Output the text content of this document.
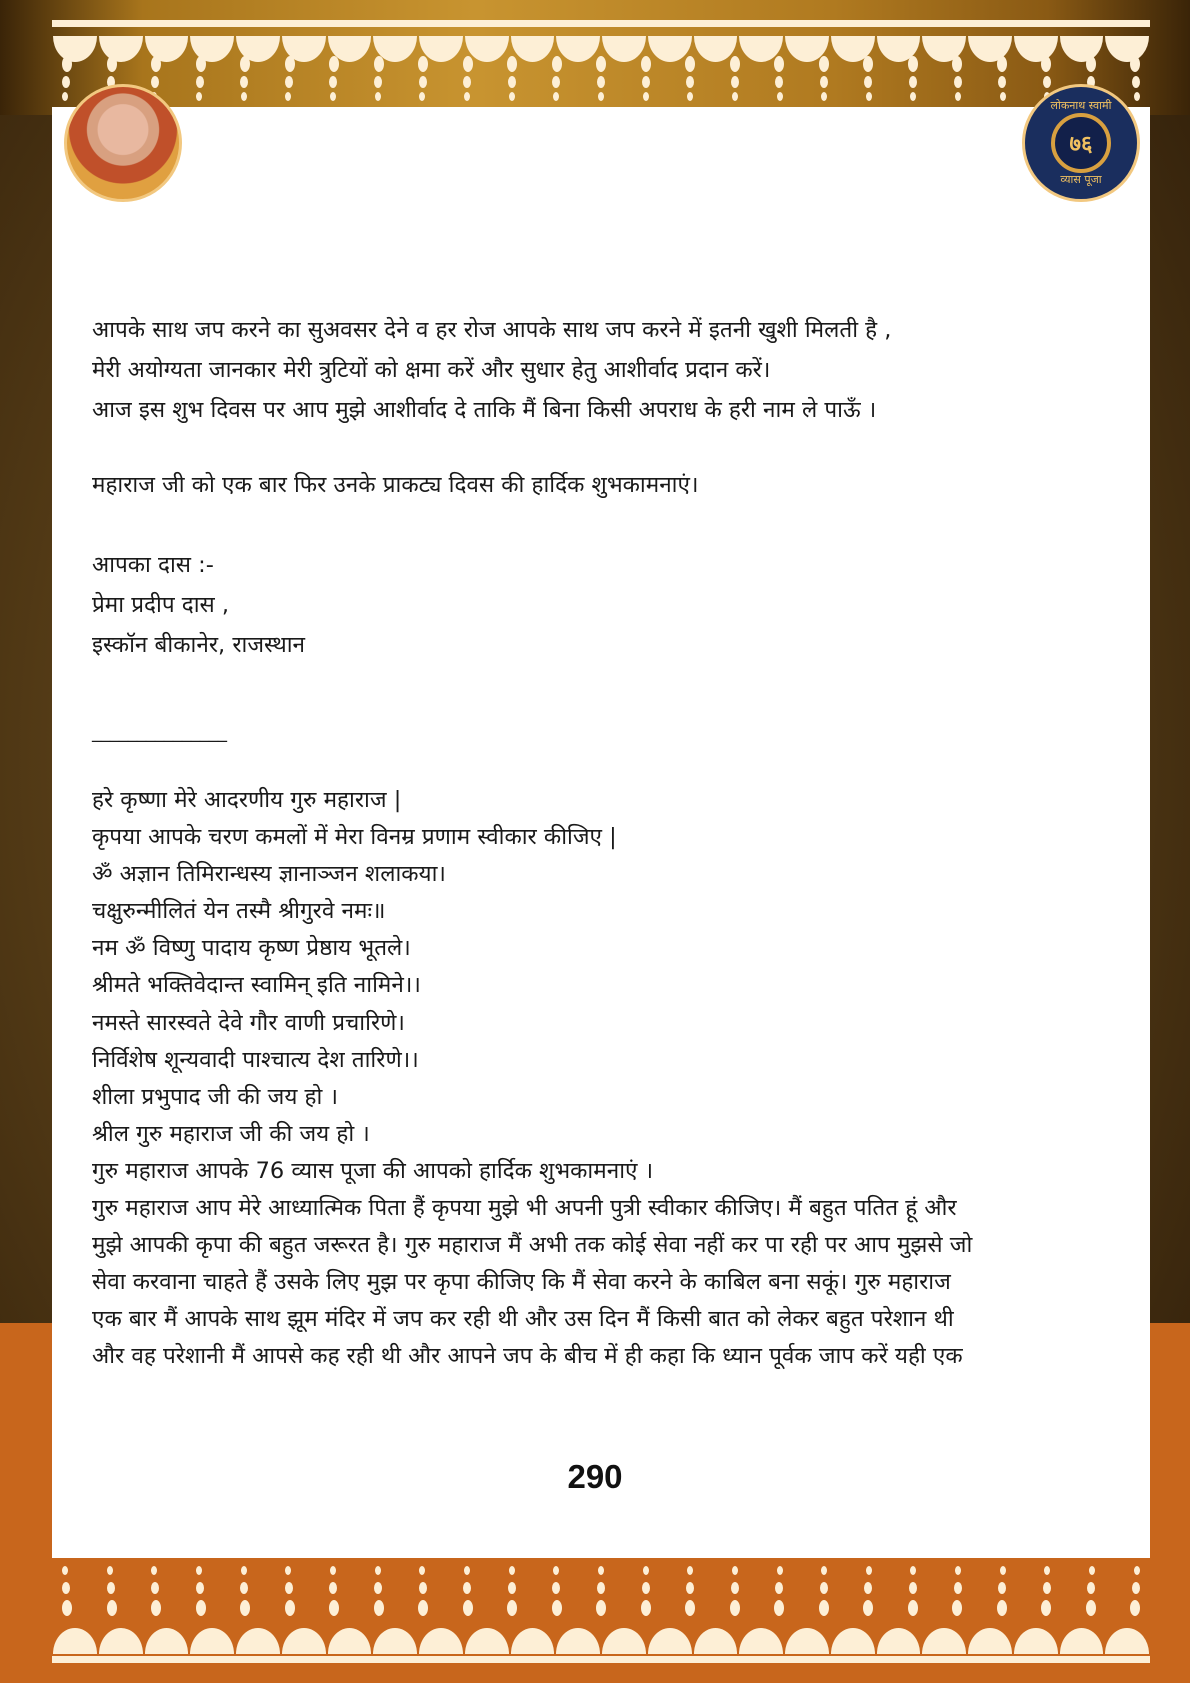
लोकनाथ स्वामी
७६
व्यास पूजा
आपके साथ जप करने का सुअवसर देने व हर रोज आपके साथ जप करने में इतनी खुशी मिलती है ,
मेरी अयोग्यता जानकार मेरी त्रुटियों को क्षमा करें और सुधार हेतु आशीर्वाद प्रदान करें।
आज इस शुभ दिवस पर आप मुझे आशीर्वाद दे ताकि मैं बिना किसी अपराध के हरी नाम ले पाऊँ ।
महाराज जी को एक बार फिर उनके प्राकट्य दिवस की हार्दिक शुभकामनाएं।
आपका दास :-
प्रेमा प्रदीप दास ,
इस्कॉन बीकानेर, राजस्थान
_______________
हरे कृष्णा मेरे आदरणीय गुरु महाराज |
कृपया आपके चरण कमलों में मेरा विनम्र प्रणाम स्वीकार कीजिए |
ॐ अज्ञान तिमिरान्धस्य ज्ञानाञ्जन शलाकया।
चक्षुरुन्मीलितं येन तस्मै श्रीगुरवे नमः॥
नम ॐ विष्णु पादाय कृष्ण प्रेष्ठाय भूतले।
श्रीमते भक्तिवेदान्त स्वामिन् इति नामिने।।
नमस्ते सारस्वते देवे गौर वाणी प्रचारिणे।
निर्विशेष शून्यवादी पाश्चात्य देश तारिणे।।
शीला प्रभुपाद जी की जय हो ।
श्रील गुरु महाराज जी की जय हो ।
गुरु महाराज आपके 76 व्यास पूजा की आपको हार्दिक शुभकामनाएं ।
गुरु महाराज आप मेरे आध्यात्मिक पिता हैं कृपया मुझे भी अपनी पुत्री स्वीकार कीजिए। मैं बहुत पतित हूं और
मुझे आपकी कृपा की बहुत जरूरत है। गुरु महाराज मैं अभी तक कोई सेवा नहीं कर पा रही पर आप मुझसे जो
सेवा करवाना चाहते हैं उसके लिए मुझ पर कृपा कीजिए कि मैं सेवा करने के काबिल बना सकूं। गुरु महाराज
एक बार मैं आपके साथ झूम मंदिर में जप कर रही थी और उस दिन मैं किसी बात को लेकर बहुत परेशान थी
और वह परेशानी मैं आपसे कह रही थी और आपने जप के बीच में ही कहा कि ध्यान पूर्वक जाप करें यही एक
290
